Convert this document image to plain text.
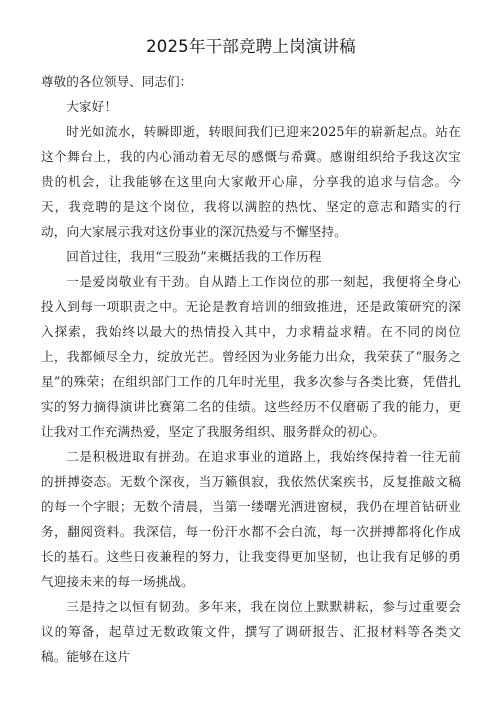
2025年干部竞聘上岗演讲稿

尊敬的各位领导、同志们：

大家好！

时光如流水，转瞬即逝，转眼间我们已迎来2025年的崭新起点。站在这个舞台上，我的内心涌动着无尽的感慨与希冀。感谢组织给予我这次宝贵的机会，让我能够在这里向大家敞开心扉，分享我的追求与信念。今天，我竞聘的是这个岗位，我将以满腔的热忱、坚定的意志和踏实的行动，向大家展示我对这份事业的深沉热爱与不懈坚持。

回首过往，我用“三股劲”来概括我的工作历程

一是爱岗敬业有干劲。自从踏上工作岗位的那一刻起，我便将全身心投入到每一项职责之中。无论是教育培训的细致推进，还是政策研究的深入探索，我始终以最大的热情投入其中，力求精益求精。在不同的岗位上，我都倾尽全力，绽放光芒。曾经因为业务能力出众，我荣获了“服务之星”的殊荣；在组织部门工作的几年时光里，我多次参与各类比赛，凭借扎实的努力摘得演讲比赛第二名的佳绩。这些经历不仅磨砺了我的能力，更让我对工作充满热爱，坚定了我服务组织、服务群众的初心。

二是积极进取有拼劲。在追求事业的道路上，我始终保持着一往无前的拼搏姿态。无数个深夜，当万籁俱寂，我依然伏案疾书，反复推敲文稿的每一个字眼；无数个清晨，当第一缕曙光洒进窗棂，我仍在埋首钻研业务，翻阅资料。我深信，每一份汗水都不会白流，每一次拼搏都将化作成长的基石。这些日夜兼程的努力，让我变得更加坚韧，也让我有足够的勇气迎接未来的每一场挑战。

三是持之以恒有韧劲。多年来，我在岗位上默默耕耘，参与过重要会议的筹备，起草过无数政策文件，撰写了调研报告、汇报材料等各类文稿。能够在这片
